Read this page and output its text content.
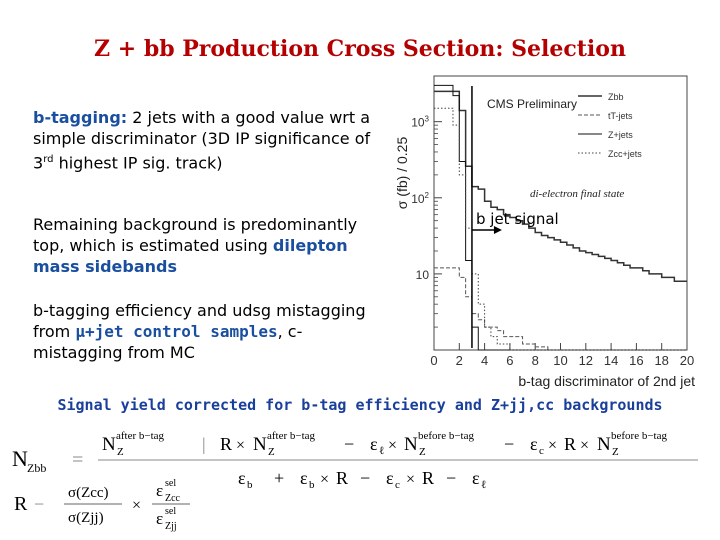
Z + bb Production Cross Section: Selection
b-tagging: 2 jets with a good value wrt a simple discriminator (3D IP significance of 3rd highest IP sig. track)
Remaining background is predominantly top, which is estimated using dilepton mass sidebands
b-tagging efficiency and udsg mistagging from μ+jet control samples, c-mistagging from MC	0 2 4 6 8 10 12 14 16 18 20
10
$10^2$
$10^3$
σ (fb) / 0.25
b-tag discriminator of 2nd jet
b jet signal
CMS Preliminary
di-electron final state
Zbb
tT-jets
Z+jets
Zcc+jets
Signal yield corrected for b-tag efficiency and Z+jj,cc backgrounds
N Zbb =
N after b−tag
Z	| R × N after b−tag
Z	− ε ℓ × N before b−tag
Z	− ε c × R × N before b−tag
Z
ε b + ε b × R − ε c × R − ε ℓ
R −
σ(Zcc)
σ(Zjj)
×
ε sel
Zcc
ε sel
Zjj
